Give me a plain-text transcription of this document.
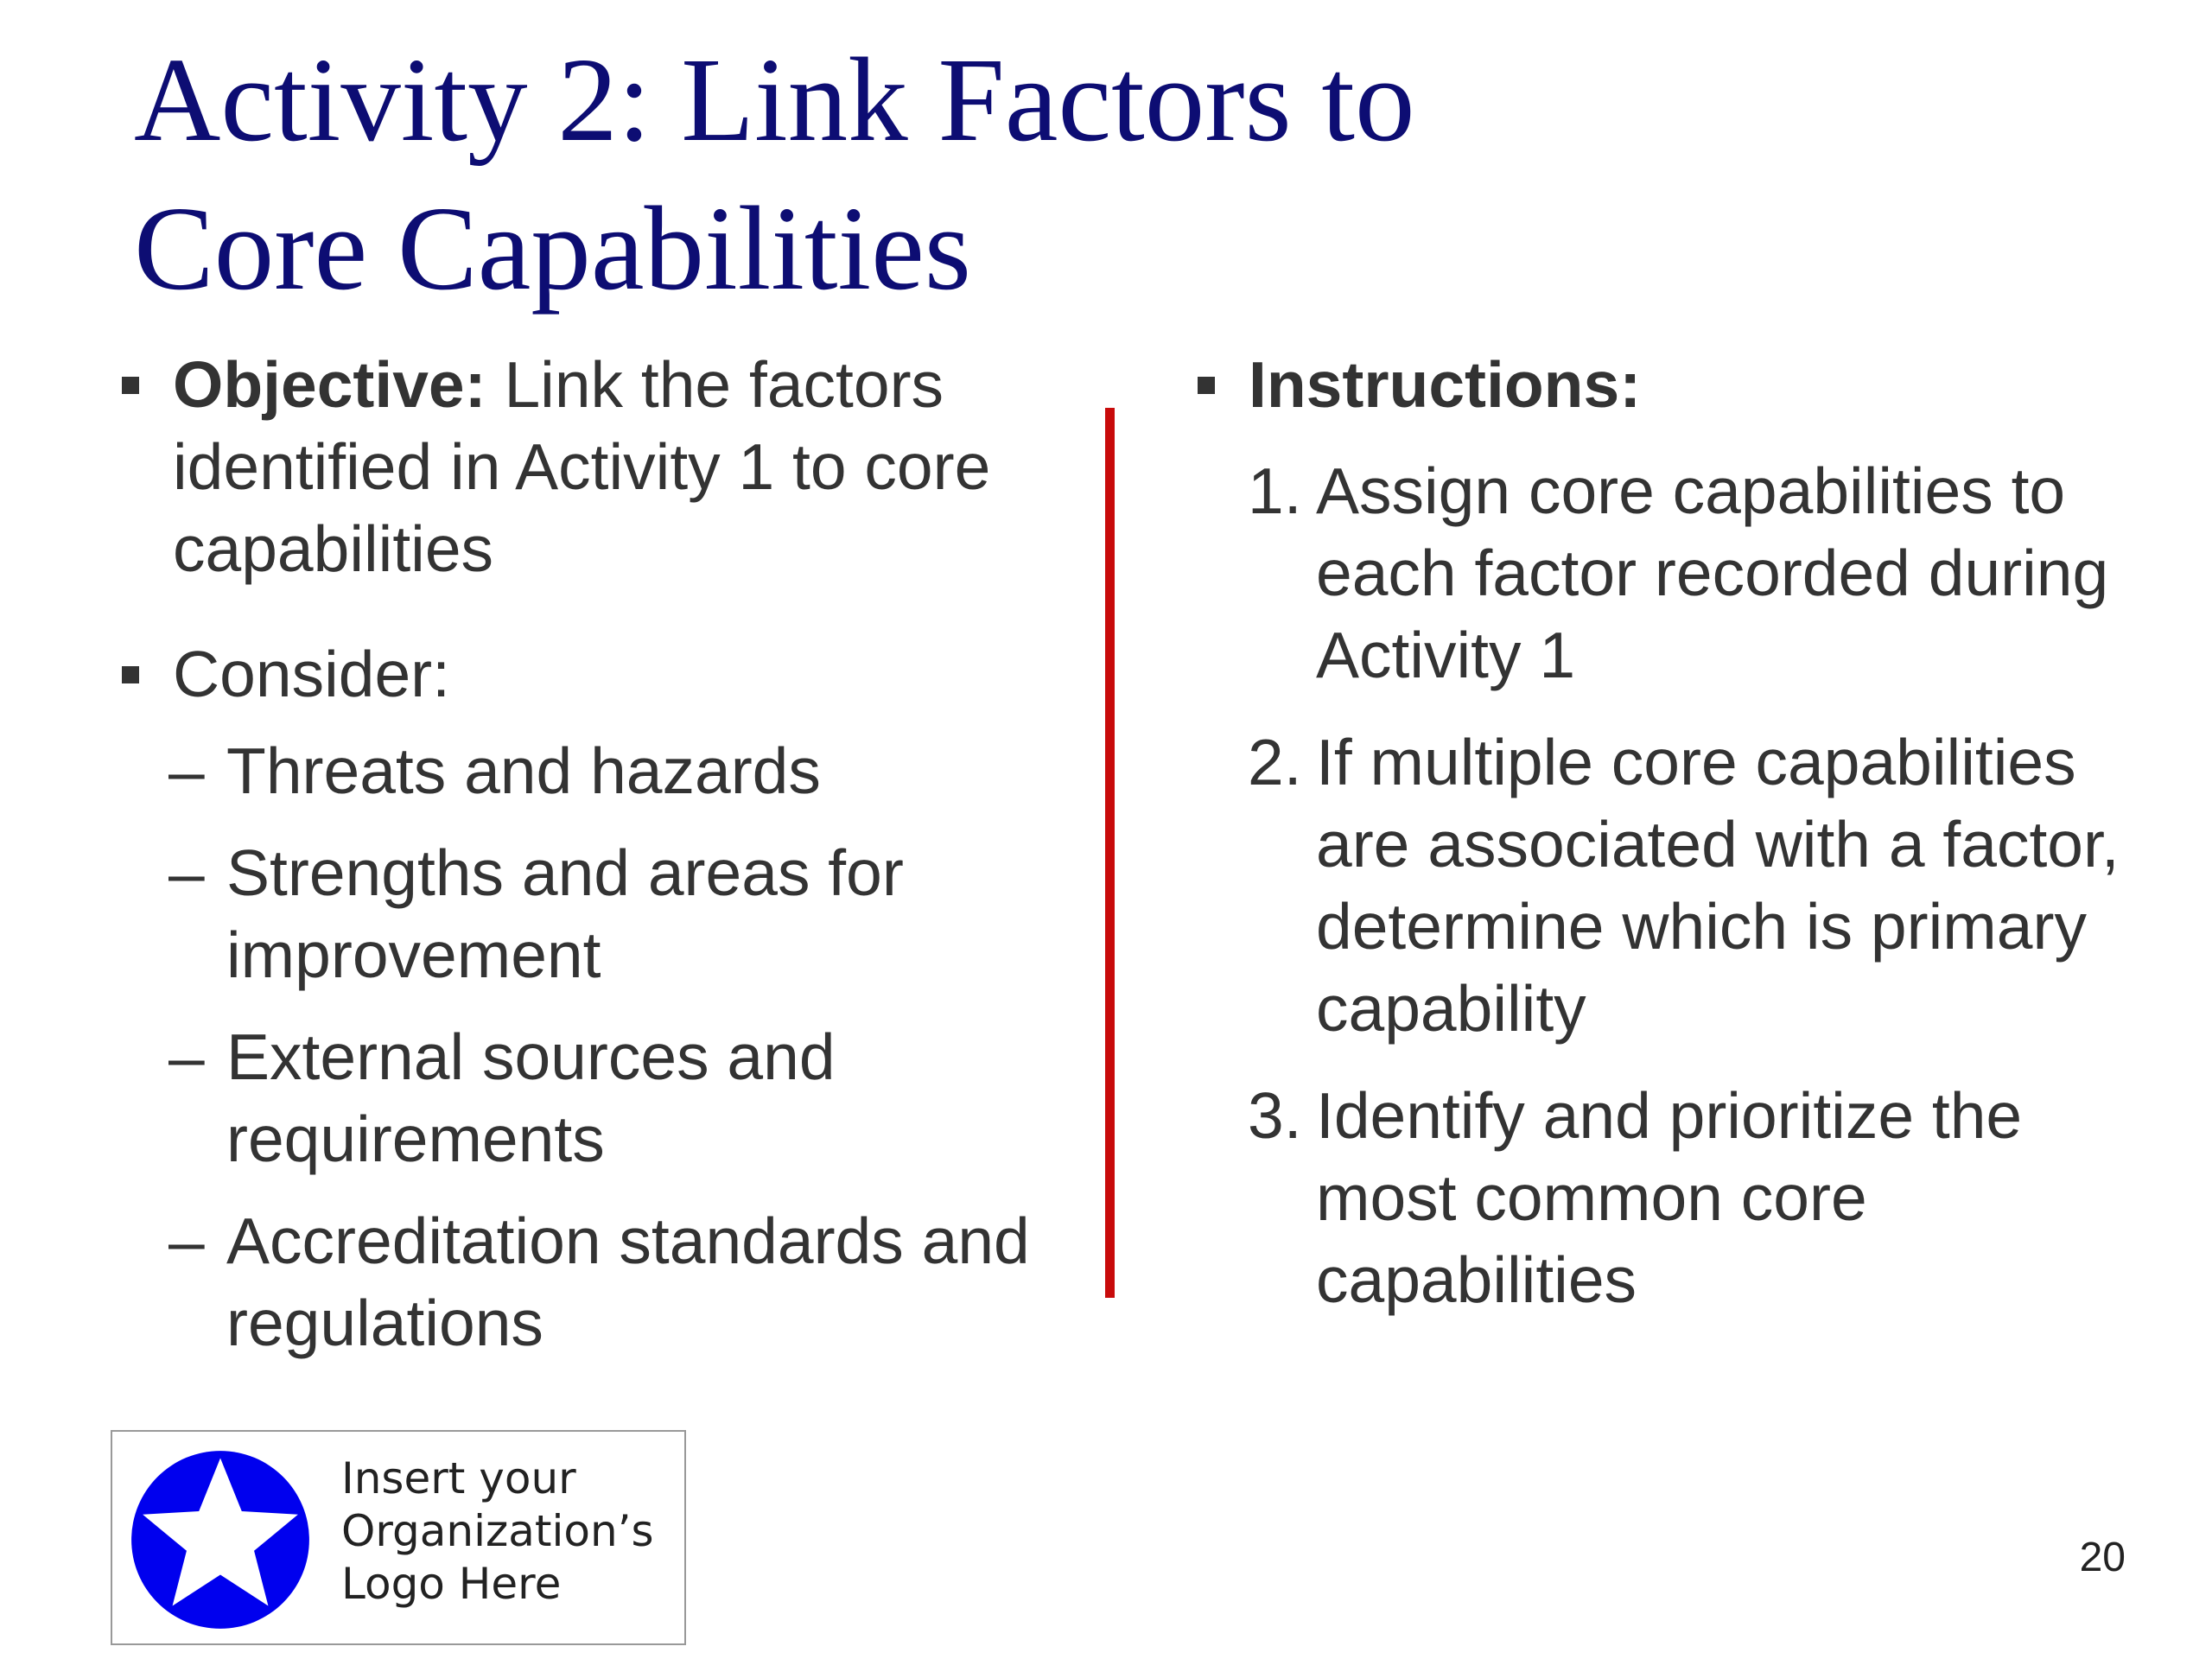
Activity 2: Link Factors to Core Capabilities
Objective: Link the factors identified in Activity 1 to core capabilities
Consider:
– Threats and hazards
– Strengths and areas for improvement
– External sources and requirements
– Accreditation standards and regulations
Instructions:
1. Assign core capabilities to each factor recorded during Activity 1
2. If multiple core capabilities are associated with a factor, determine which is primary capability
3. Identify and prioritize the most common core capabilities
Insert your Organization’s Logo Here
20
